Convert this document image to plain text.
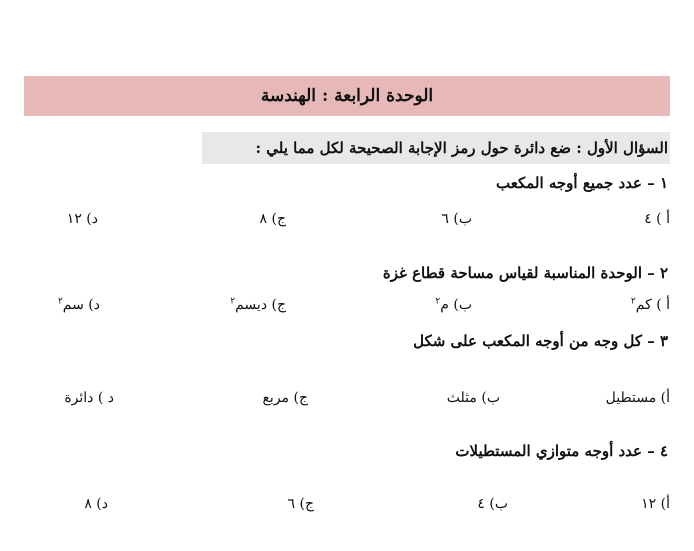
الوحدة الرابعة : الهندسة
السؤال الأول : ضع دائرة حول رمز الإجابة الصحيحة لكل مما يلي :
١ – عدد جميع أوجه المكعب
أ ) ٤
ب) ٦
ج) ٨
د) ١٢
٢ – الوحدة المناسبة لقياس مساحة قطاع غزة
أ ) كم$^٢$
ب) م$^٢$
ج) ديسم$^٢$
د) سم$^٢$
٣ – كل وجه من أوجه المكعب على شكل
أ) مستطيل
ب) مثلث
ج) مربع
د ) دائرة
٤ – عدد أوجه متوازي المستطيلات
أ) ١٢
ب) ٤
ج) ٦
د) ٨
